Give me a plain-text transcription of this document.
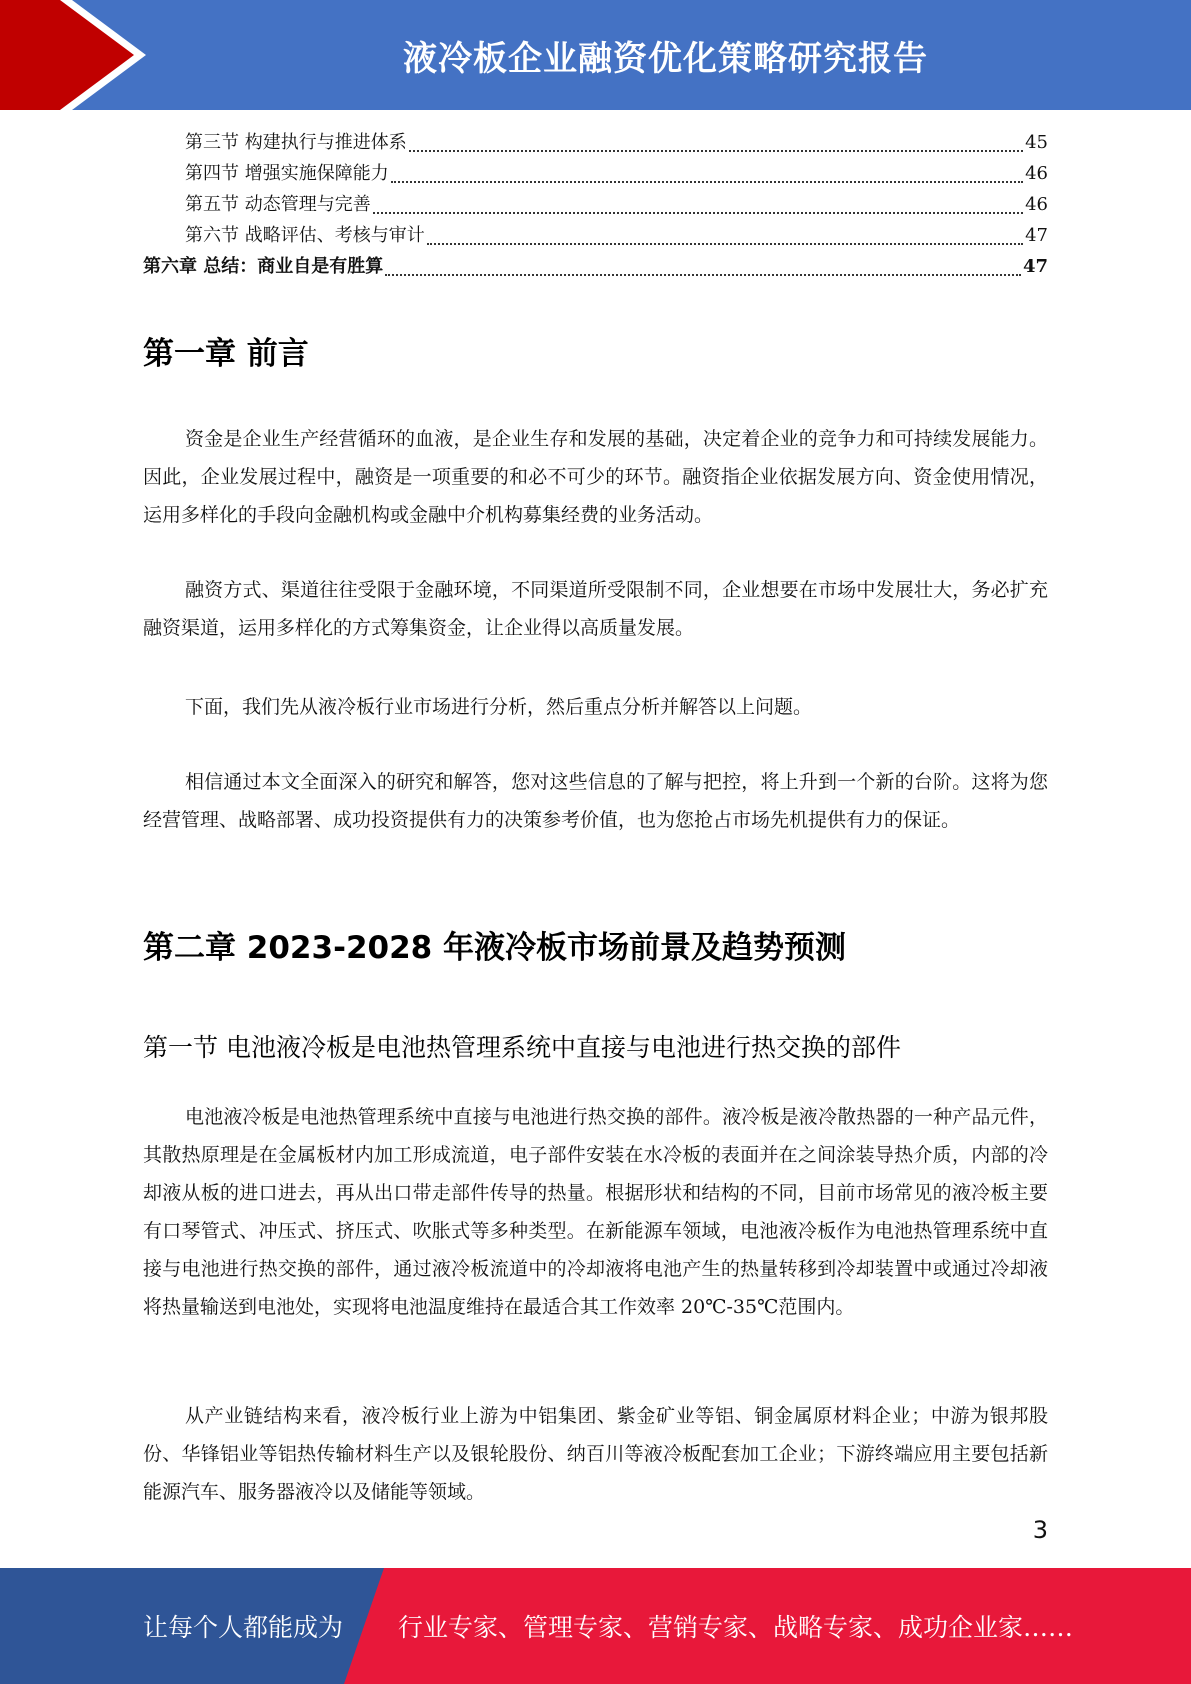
液冷板企业融资优化策略研究报告
第三节 构建执行与推进体系	45
第四节 增强实施保障能力	46
第五节 动态管理与完善	46
第六节 战略评估、考核与审计	47
第六章 总结：商业自是有胜算	47
第一章 前言

资金是企业生产经营循环的血液，是企业生存和发展的基础，决定着企业的竞争力和可持续发展能力。因此，企业发展过程中，融资是一项重要的和必不可少的环节。融资指企业依据发展方向、资金使用情况，运用多样化的手段向金融机构或金融中介机构募集经费的业务活动。

融资方式、渠道往往受限于金融环境，不同渠道所受限制不同，企业想要在市场中发展壮大，务必扩充融资渠道，运用多样化的方式筹集资金，让企业得以高质量发展。

下面，我们先从液冷板行业市场进行分析，然后重点分析并解答以上问题。

相信通过本文全面深入的研究和解答，您对这些信息的了解与把控，将上升到一个新的台阶。这将为您经营管理、战略部署、成功投资提供有力的决策参考价值，也为您抢占市场先机提供有力的保证。

第二章 2023-2028 年液冷板市场前景及趋势预测
第一节 电池液冷板是电池热管理系统中直接与电池进行热交换的部件

电池液冷板是电池热管理系统中直接与电池进行热交换的部件。液冷板是液冷散热器的一种产品元件，其散热原理是在金属板材内加工形成流道，电子部件安装在水冷板的表面并在之间涂装导热介质，内部的冷却液从板的进口进去，再从出口带走部件传导的热量。根据形状和结构的不同，目前市场常见的液冷板主要有口琴管式、冲压式、挤压式、吹胀式等多种类型。在新能源车领域，电池液冷板作为电池热管理系统中直接与电池进行热交换的部件，通过液冷板流道中的冷却液将电池产生的热量转移到冷却装置中或通过冷却液将热量输送到电池处，实现将电池温度维持在最适合其工作效率 20℃-35℃范围内。

从产业链结构来看，液冷板行业上游为中铝集团、紫金矿业等铝、铜金属原材料企业；中游为银邦股份、华锋铝业等铝热传输材料生产以及银轮股份、纳百川等液冷板配套加工企业；下游终端应用主要包括新能源汽车、服务器液冷以及储能等领域。

3
让每个人都能成为 行业专家、管理专家、营销专家、战略专家、成功企业家……
